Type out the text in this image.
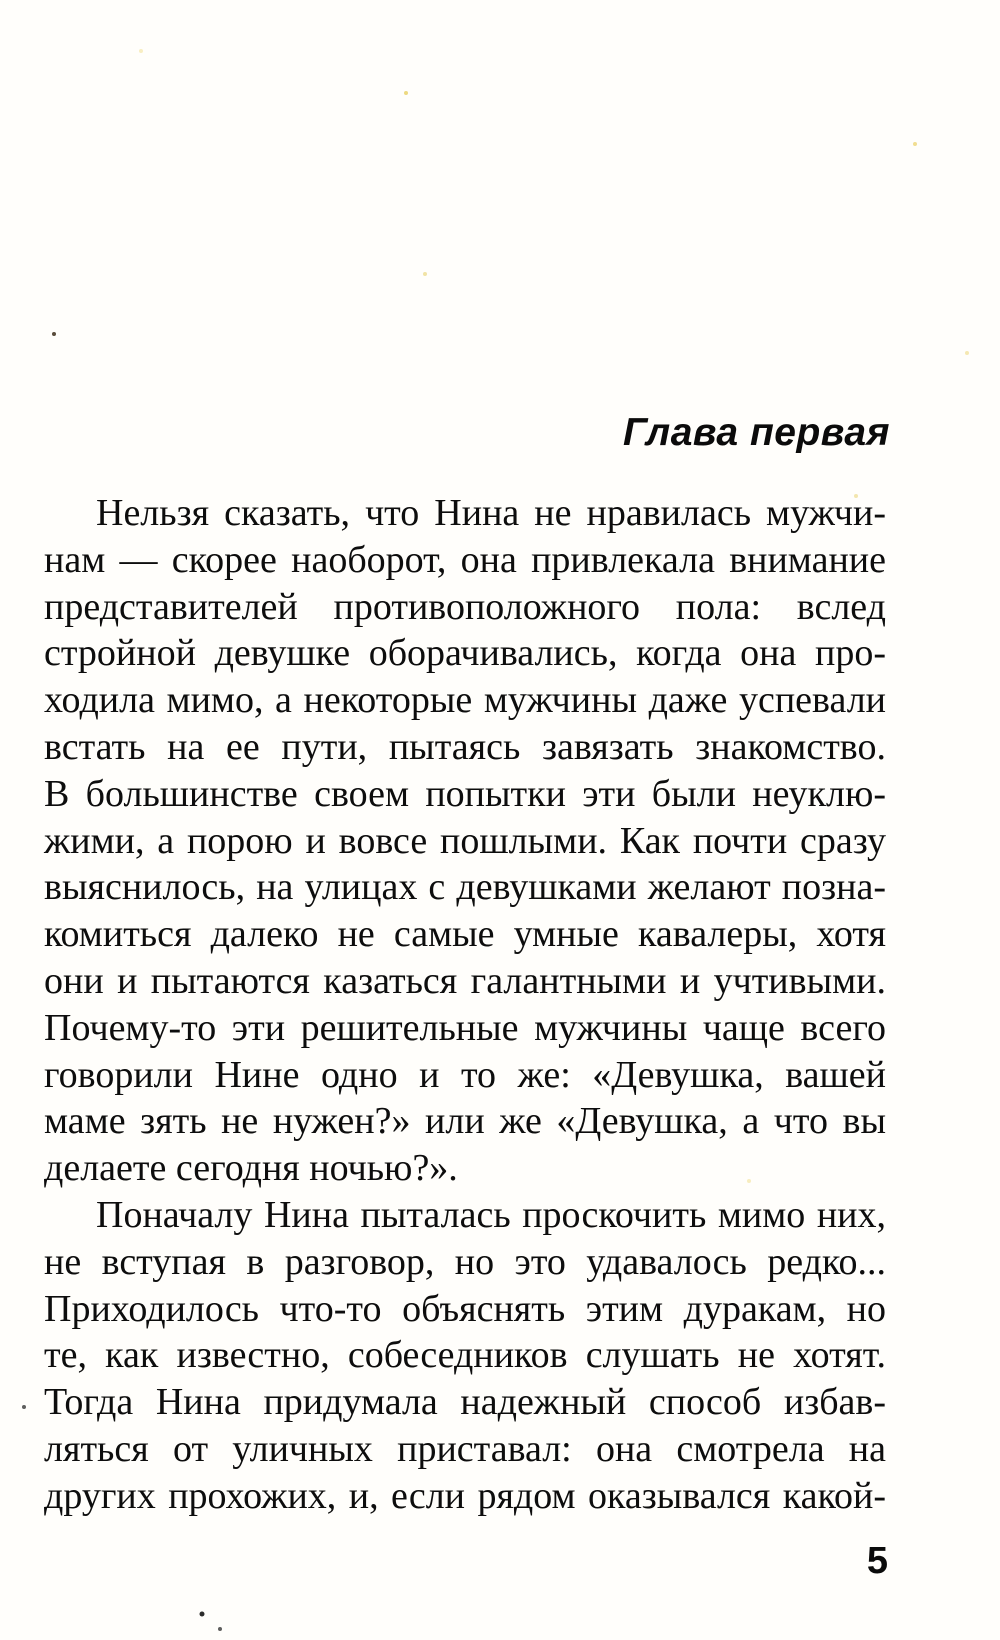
Глава первая
Нельзя сказать, что Нина не нравилась мужчи-
нам — скорее наоборот, она привлекала внимание
представителей противоположного пола: вслед
стройной девушке оборачивались, когда она про-
ходила мимо, а некоторые мужчины даже успевали
встать на ее пути, пытаясь завязать знакомство.
В большинстве своем попытки эти были неуклю-
жими, а порою и вовсе пошлыми. Как почти сразу
выяснилось, на улицах с девушками желают позна-
комиться далеко не самые умные кавалеры, хотя
они и пытаются казаться галантными и учтивыми.
Почему-то эти решительные мужчины чаще всего
говорили Нине одно и то же: «Девушка, вашей
маме зять не нужен?» или же «Девушка, а что вы
делаете сегодня ночью?».
Поначалу Нина пыталась проскочить мимо них,
не вступая в разговор, но это удавалось редко...
Приходилось что-то объяснять этим дуракам, но
те, как известно, собеседников слушать не хотят.
Тогда Нина придумала надежный способ избав-
ляться от уличных приставал: она смотрела на
других прохожих, и, если рядом оказывался какой-
5
